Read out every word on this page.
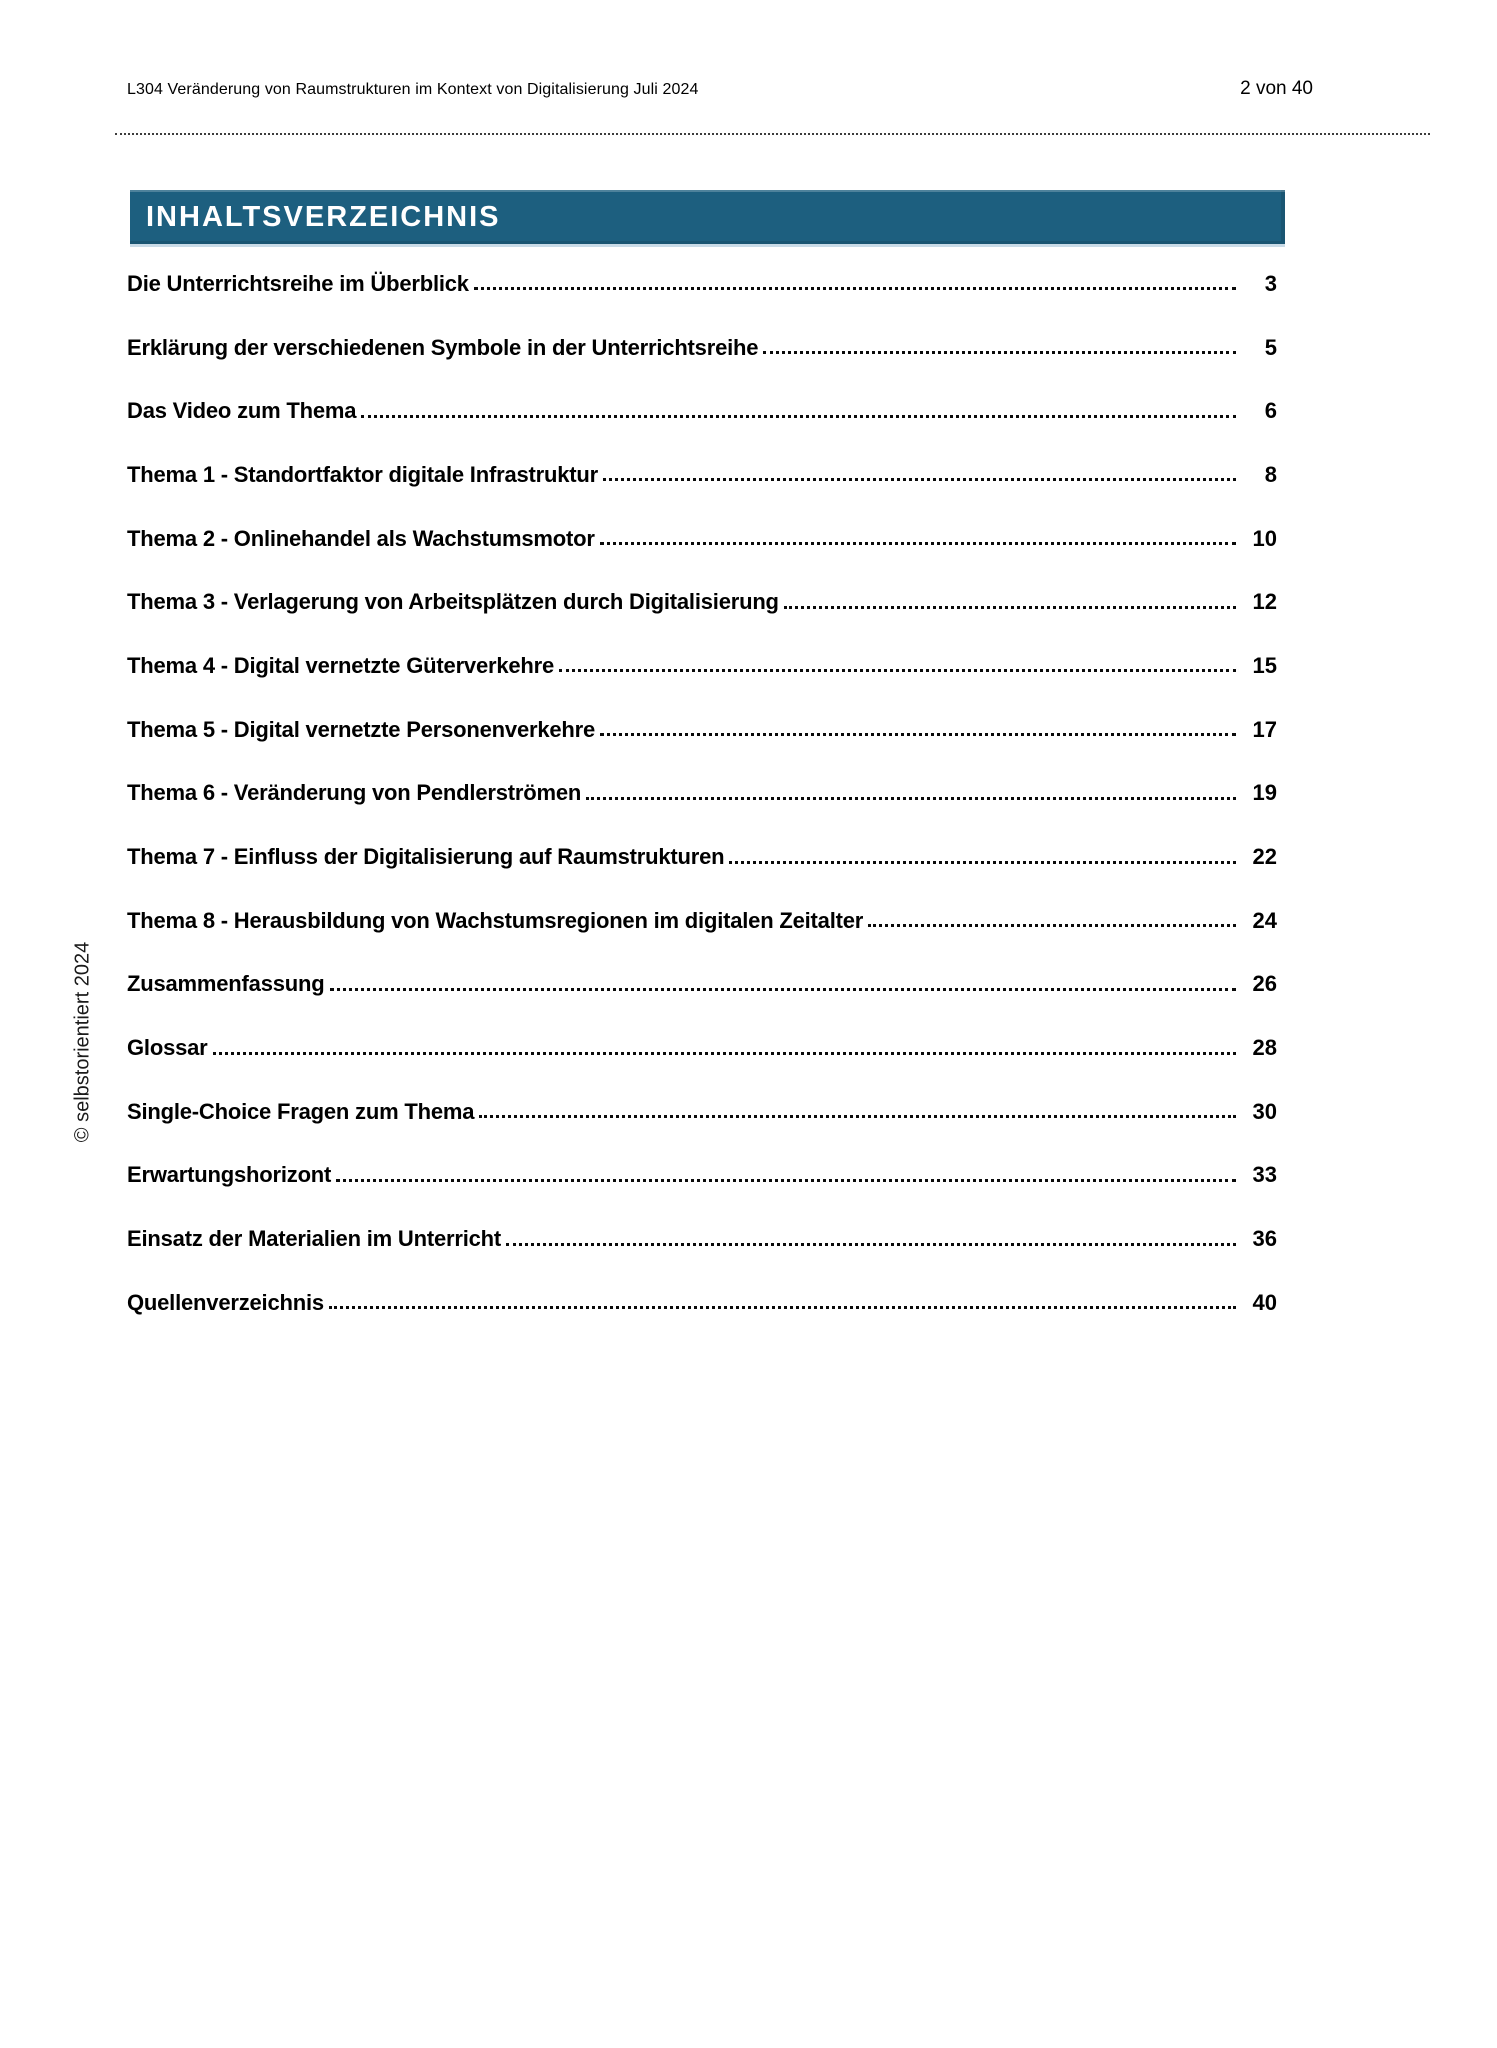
L304 Veränderung von Raumstrukturen im Kontext von Digitalisierung Juli 2024	2 von 40
INHALTSVERZEICHNIS
Die Unterrichtsreihe im Überblick	3
Erklärung der verschiedenen Symbole in der Unterrichtsreihe	5
Das Video zum Thema	6
Thema 1 - Standortfaktor digitale Infrastruktur	8
Thema 2 - Onlinehandel als Wachstumsmotor	10
Thema 3 - Verlagerung von Arbeitsplätzen durch Digitalisierung	12
Thema 4 - Digital vernetzte Güterverkehre	15
Thema 5 - Digital vernetzte Personenverkehre	17
Thema 6 - Veränderung von Pendlerströmen	19
Thema 7 - Einfluss der Digitalisierung auf Raumstrukturen	22
Thema 8 - Herausbildung von Wachstumsregionen im digitalen Zeitalter	24
Zusammenfassung	26
Glossar	28
Single-Choice Fragen zum Thema	30
Erwartungshorizont	33
Einsatz der Materialien im Unterricht	36
Quellenverzeichnis	40
© selbstorientiert 2024
